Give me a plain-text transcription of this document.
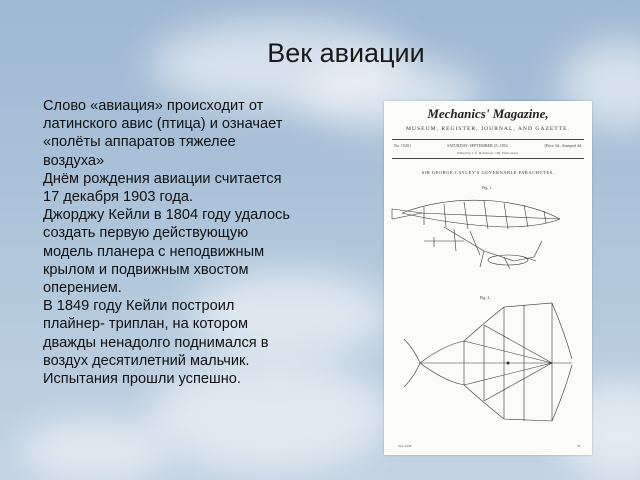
Век авиации

Слово «авиация» происходит от латинского авис (птица) и означает «полёты аппаратов тяжелее воздуха»

Днём рождения авиации считается 17 декабря 1903 года.

Джорджу Кейли в 1804 году удалось создать первую действующую модель планера с неподвижным крылом и подвижным хвостом оперением.

В 1849 году Кейли построил плайнер- триплан, на котором дважды ненадолго поднимался в воздух десятилетний мальчик. Испытания прошли успешно.

Mechanics' Magazine,
MUSEUM, REGISTER, JOURNAL, AND GAZETTE.
No. 1520.]	SATURDAY, SEPTEMBER 25, 1852.	[Price 3d., Stamped 4d.
Edited by J. C. Robertson, 166, Fleet-street.
SIR GEORGE CAYLEY'S GOVERNABLE PARACHUTES.
Fig. 1.
Fig. 2.
Vol. LVII.	N
